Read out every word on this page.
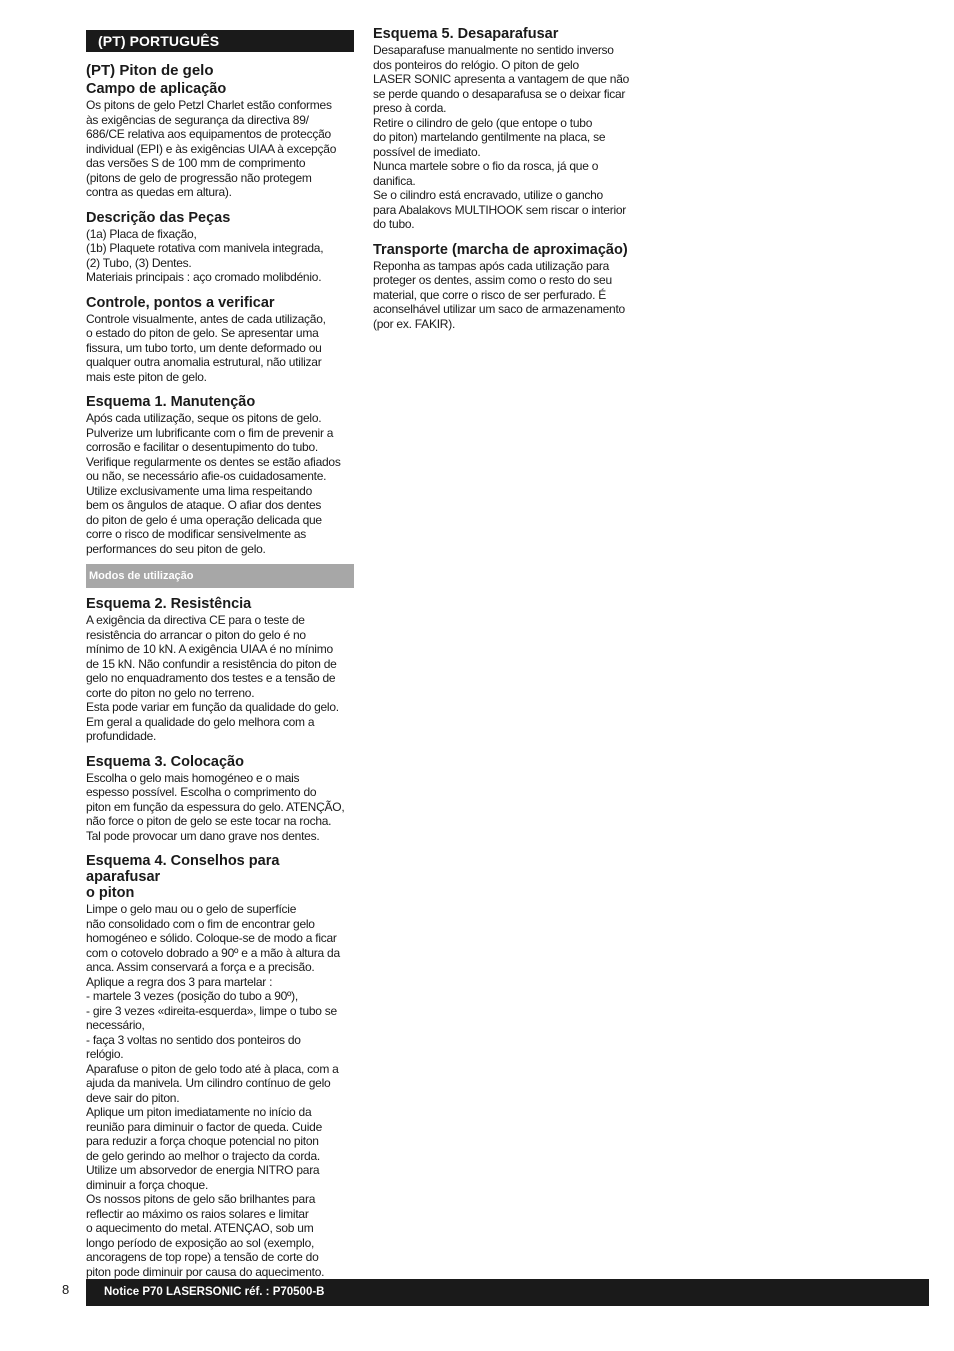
(PT) PORTUGUÊS
(PT) Piton de gelo
Campo de aplicação

Os pitons de gelo Petzl Charlet estão conformes
às exigências de segurança da directiva 89/
686/CE relativa aos equipamentos de protecção
individual (EPI) e às exigências UIAA à excepção
das versões S de 100 mm de comprimento
(pitons de gelo de progressão não protegem
contra as quedas em altura).

Descrição das Peças

(1a) Placa de fixação,
(1b) Plaquete rotativa com manivela integrada,
(2) Tubo, (3) Dentes.
Materiais principais : aço cromado molibdénio.

Controle, pontos a verificar

Controle visualmente, antes de cada utilização,
o estado do piton de gelo. Se apresentar uma
fissura, um tubo torto, um dente deformado ou
qualquer outra anomalia estrutural, não utilizar
mais este piton de gelo.

Esquema 1. Manutenção

Após cada utilização, seque os pitons de gelo.
Pulverize um lubrificante com o fim de prevenir a
corrosão e facilitar o desentupimento do tubo.
Verifique regularmente os dentes se estão afiados
ou não, se necessário afie-os cuidadosamente.
Utilize exclusivamente uma lima respeitando
bem os ângulos de ataque. O afiar dos dentes
do piton de gelo é uma operação delicada que
corre o risco de modificar sensivelmente as
performances do seu piton de gelo.

Modos de utilização
Esquema 2. Resistência

A exigência da directiva CE para o teste de
resistência do arrancar o piton do gelo é no
mínimo de 10 kN. A exigência UIAA é no mínimo
de 15 kN. Não confundir a resistência do piton de
gelo no enquadramento dos testes e a tensão de
corte do piton no gelo no terreno.
Esta pode variar em função da qualidade do gelo.
Em geral a qualidade do gelo melhora com a
profundidade.

Esquema 3. Colocação

Escolha o gelo mais homogéneo e o mais
espesso possível. Escolha o comprimento do
piton em função da espessura do gelo. ATENÇÃO,
não force o piton de gelo se este tocar na rocha.
Tal pode provocar um dano grave nos dentes.

Esquema 4. Conselhos para aparafusar
o piton

Limpe o gelo mau ou o gelo de superfície
não consolidado com o fim de encontrar gelo
homogéneo e sólido. Coloque-se de modo a ficar
com o cotovelo dobrado a 90º e a mão à altura da
anca. Assim conservará a força e a precisão.
Aplique a regra dos 3 para martelar :
- martele 3 vezes (posição do tubo a 90º),
- gire 3 vezes «direita-esquerda», limpe o tubo se
necessário,
- faça 3 voltas no sentido dos ponteiros do
relógio.
Aparafuse o piton de gelo todo até à placa, com a
ajuda da manivela. Um cilindro contínuo de gelo
deve sair do piton.
Aplique um piton imediatamente no início da
reunião para diminuir o factor de queda. Cuide
para reduzir a força choque potencial no piton
de gelo gerindo ao melhor o trajecto da corda.
Utilize um absorvedor de energia NITRO para
diminuir a força choque.
Os nossos pitons de gelo são brilhantes para
reflectir ao máximo os raios solares e limitar
o aquecimento do metal. ATENÇAO, sob um
longo período de exposição ao sol (exemplo,
ancoragens de top rope) a tensão de corte do
piton pode diminuir por causa do aquecimento.

Esquema 5. Desaparafusar

Desaparafuse manualmente no sentido inverso
dos ponteiros do relógio. O piton de gelo
LASER SONIC apresenta a vantagem de que não
se perde quando o desaparafusa se o deixar ficar
preso à corda.
Retire o cilindro de gelo (que entope o tubo
do piton) martelando gentilmente na placa, se
possível de imediato.
Nunca martele sobre o fio da rosca, já que o
danifica.
Se o cilindro está encravado, utilize o gancho
para Abalakovs MULTIHOOK sem riscar o interior
do tubo.

Transporte (marcha de aproximação)

Reponha as tampas após cada utilização para
proteger os dentes, assim como o resto do seu
material, que corre o risco de ser perfurado. É
aconselhável utilizar um saco de armazenamento
(por ex. FAKIR).

8	Notice P70 LASERSONIC réf. : P70500-B
